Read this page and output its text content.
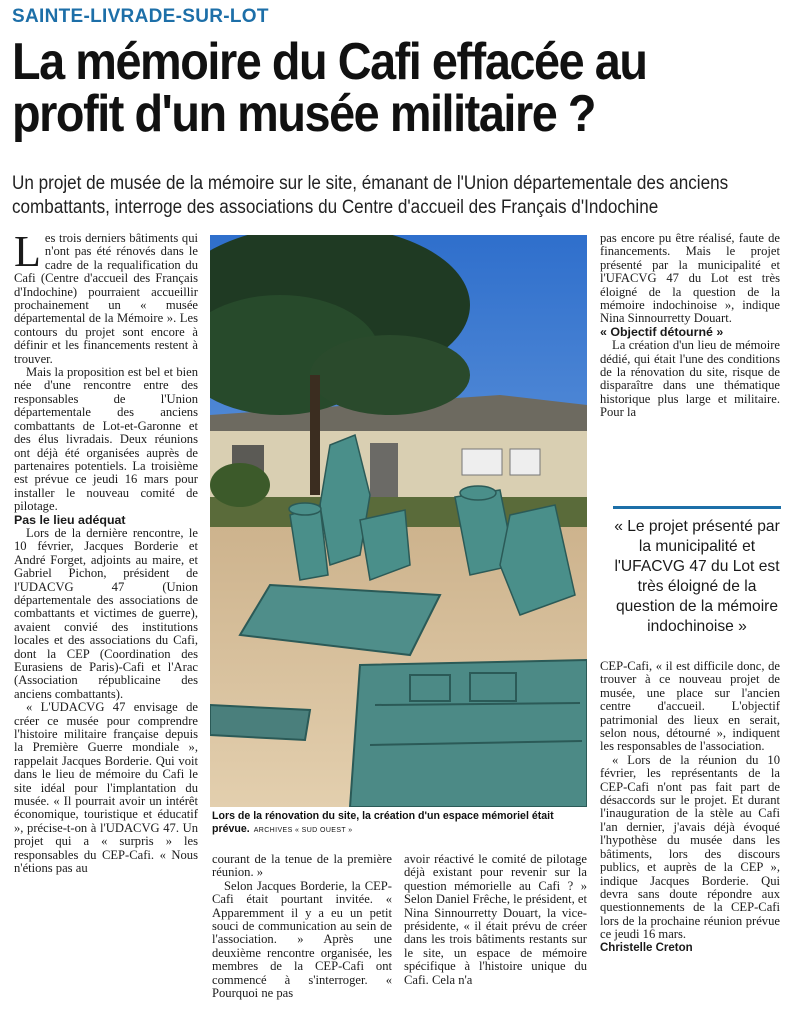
SAINTE-LIVRADE-SUR-LOT
La mémoire du Cafi effacée au
profit d'un musée militaire ?
Un projet de musée de la mémoire sur le site, émanant de l'Union départementale des anciens
combattants, interroge des associations du Centre d'accueil des Français d'Indochine

Les trois derniers bâtiments qui n'ont pas été rénovés dans le cadre de la requalification du Cafi (Centre d'accueil des Français d'Indochine) pourraient accueillir prochainement un « musée départemental de la Mémoire ». Les contours du projet sont encore à définir et les financements restent à trouver.

Mais la proposition est bel et bien née d'une rencontre entre des responsables de l'Union départementale des anciens combattants de Lot-et-Garonne et des élus livradais. Deux réunions ont déjà été organisées auprès de partenaires potentiels. La troisième est prévue ce jeudi 16 mars pour installer le nouveau comité de pilotage.

Pas le lieu adéquat

Lors de la dernière rencontre, le 10 février, Jacques Borderie et André Forget, adjoints au maire, et Gabriel Pichon, président de l'UDACVG 47 (Union départementale des associations de combattants et victimes de guerre), avaient convié des institutions locales et des associations du Cafi, dont la CEP (Coordination des Eurasiens de Paris)-Cafi et l'Arac (Association républicaine des anciens combattants).

« L'UDACVG 47 envisage de créer ce musée pour comprendre l'histoire militaire française depuis la Première Guerre mondiale », rappelait Jacques Borderie. Qui voit dans le lieu de mémoire du Cafi le site idéal pour l'implantation du musée. « Il pourrait avoir un intérêt économique, touristique et éducatif », précise-t-on à l'UDACVG 47. Un projet qui a « surpris » les responsables du CEP-Cafi. « Nous n'étions pas au

Lors de la rénovation du site, la création d'un espace mémoriel était prévue. ARCHIVES « SUD OUEST »

courant de la tenue de la première réunion. »

Selon Jacques Borderie, la CEP-Cafi était pourtant invitée. « Apparemment il y a eu un petit souci de communication au sein de l'association. » Après une deuxième rencontre organisée, les membres de la CEP-Cafi ont commencé à s'interroger. « Pourquoi ne pas

avoir réactivé le comité de pilotage déjà existant pour revenir sur la question mémorielle au Cafi ? » Selon Daniel Frêche, le président, et Nina Sinnourretty Douart, la vice-présidente, « il était prévu de créer dans les trois bâtiments restants sur le site, un espace de mémoire spécifique à l'histoire unique du Cafi. Cela n'a

pas encore pu être réalisé, faute de financements. Mais le projet présenté par la municipalité et l'UFACVG 47 du Lot est très éloigné de la question de la mémoire indochinoise », indique Nina Sinnourretty Douart.

« Objectif détourné »

La création d'un lieu de mémoire dédié, qui était l'une des conditions de la rénovation du site, risque de disparaître dans une thématique historique plus large et militaire. Pour la

« Le projet présenté par la municipalité et l'UFACVG 47 du Lot est très éloigné de la question de la mémoire indochinoise »

CEP-Cafi, « il est difficile donc, de trouver à ce nouveau projet de musée, une place sur l'ancien centre d'accueil. L'objectif patrimonial des lieux en serait, selon nous, détourné », indiquent les responsables de l'association.

« Lors de la réunion du 10 février, les représentants de la CEP-Cafi n'ont pas fait part de désaccords sur le projet. Et durant l'inauguration de la stèle au Cafi l'an dernier, j'avais déjà évoqué l'hypothèse du musée dans les bâtiments, lors des discours publics, et auprès de la CEP », indique Jacques Borderie. Qui devra sans doute répondre aux questionnements de la CEP-Cafi lors de la prochaine réunion prévue ce jeudi 16 mars.

Christelle Creton
